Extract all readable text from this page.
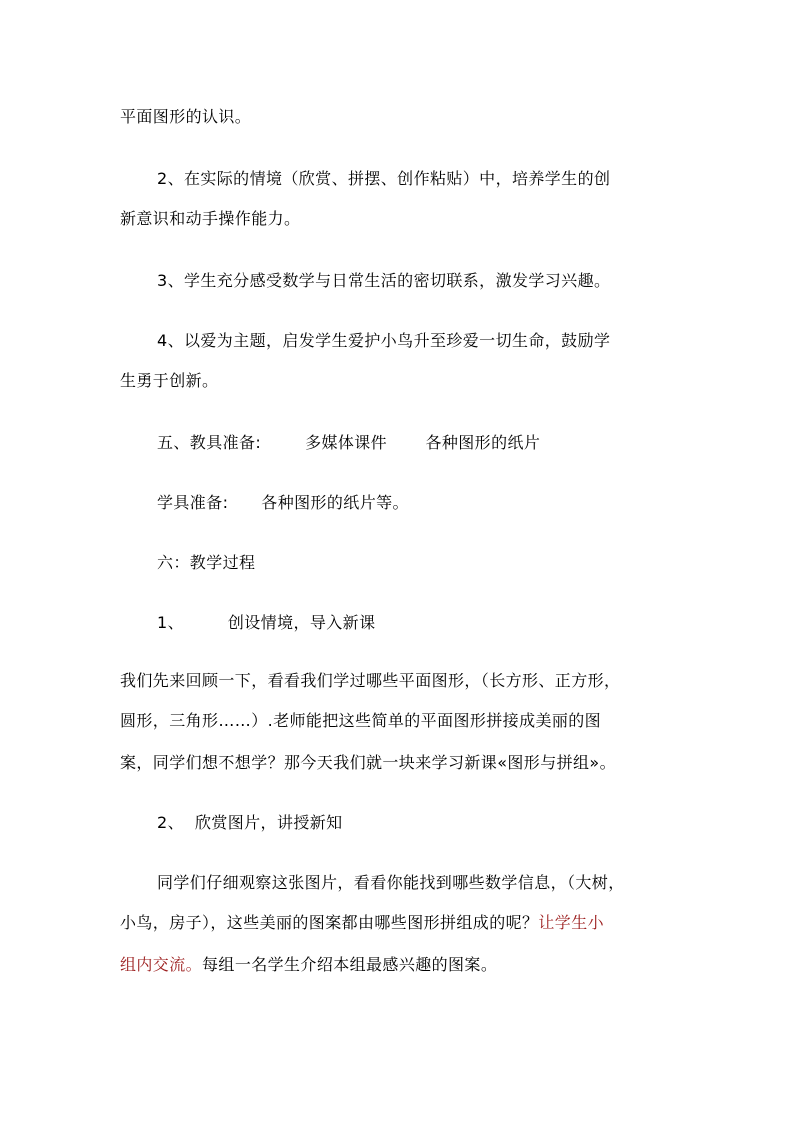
平面图形的认识。
2、在实际的情境（欣赏、拼摆、创作粘贴）中，培养学生的创
新意识和动手操作能力。
3、学生充分感受数学与日常生活的密切联系，激发学习兴趣。
4、以爱为主题，启发学生爱护小鸟升至珍爱一切生命，鼓励学
生勇于创新。
五、教具准备:        多媒体课件       各种图形的纸片
学具准备:      各种图形的纸片等。
六：教学过程
1、        创设情境，导入新课
我们先来回顾一下，看看我们学过哪些平面图形，（长方形、正方形，
圆形，三角形……）.老师能把这些简单的平面图形拼接成美丽的图
案，同学们想不想学？那今天我们就一块来学习新课«图形与拼组»。
2、  欣赏图片，讲授新知
同学们仔细观察这张图片，看看你能找到哪些数学信息，（大树，
小鸟，房子），这些美丽的图案都由哪些图形拼组成的呢？让学生小
组内交流。每组一名学生介绍本组最感兴趣的图案。
